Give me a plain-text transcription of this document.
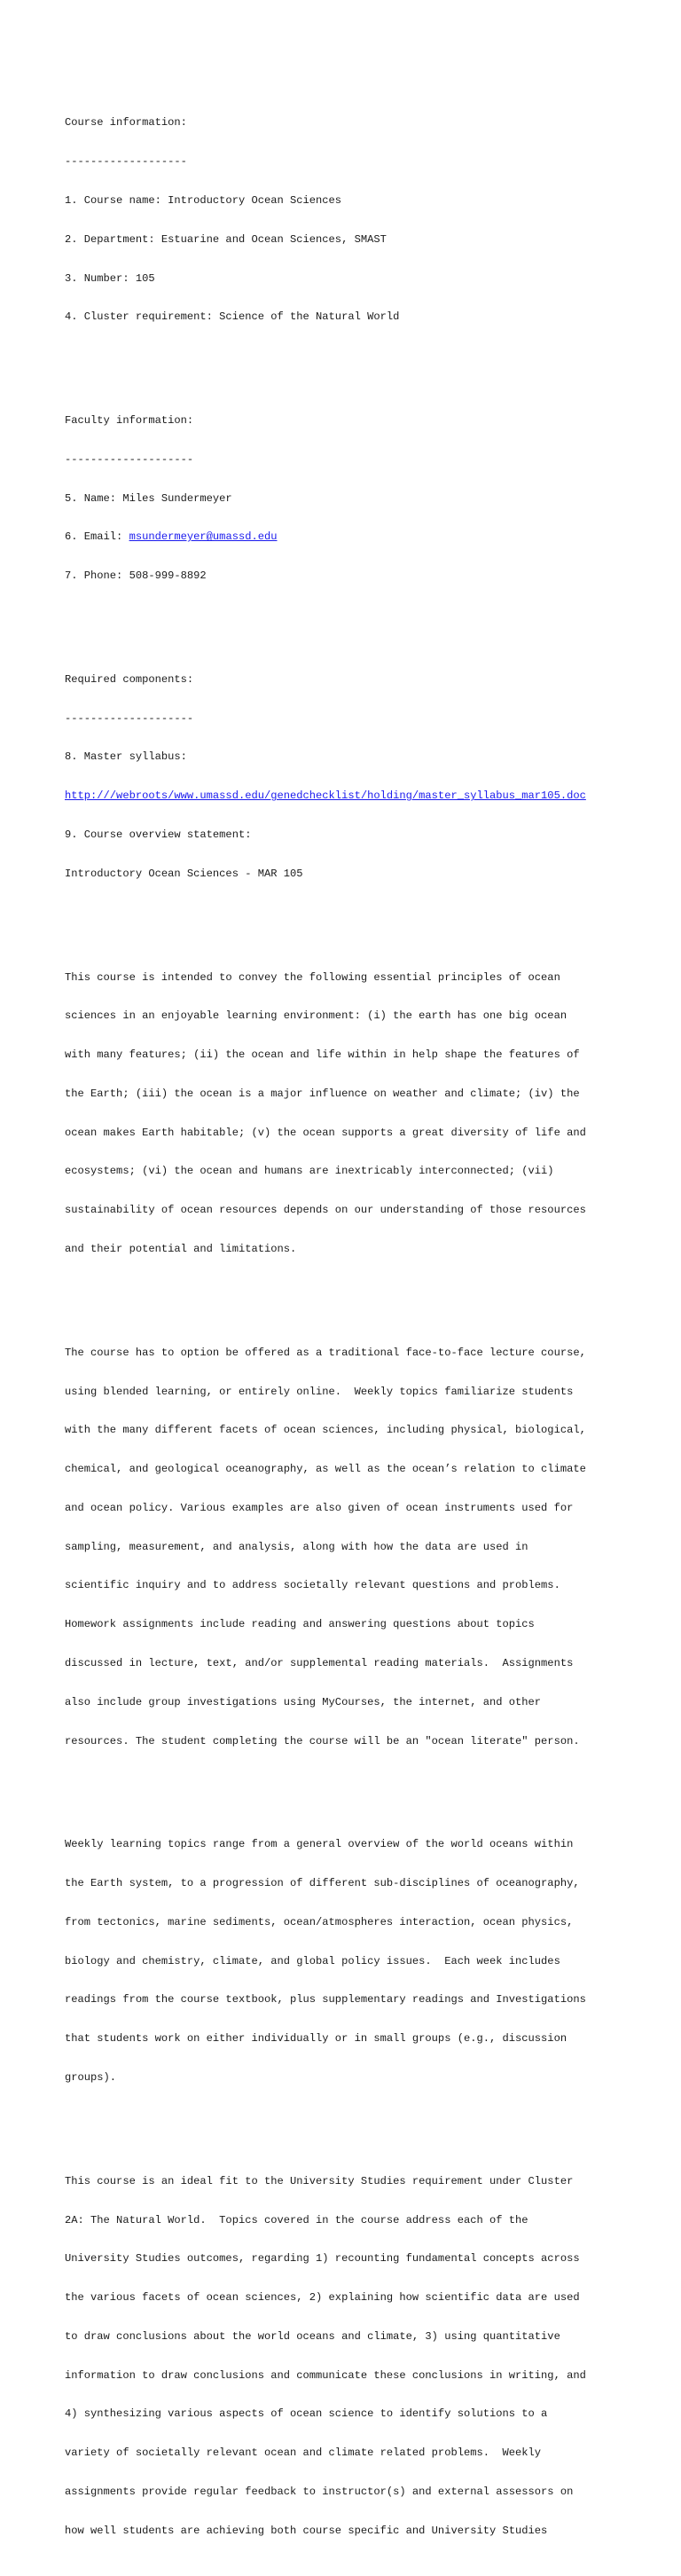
Course information:

-------------------

1. Course name: Introductory Ocean Sciences

2. Department: Estuarine and Ocean Sciences, SMAST

3. Number: 105

4. Cluster requirement: Science of the Natural World

Faculty information:

--------------------

5. Name: Miles Sundermeyer

6. Email: msundermeyer@umassd.edu

7. Phone: 508-999-8892

Required components:

--------------------

8. Master syllabus:

http:///webroots/www.umassd.edu/genedchecklist/holding/master_syllabus_mar105.doc

9. Course overview statement:

Introductory Ocean Sciences - MAR 105

This course is intended to convey the following essential principles of ocean

sciences in an enjoyable learning environment: (i) the earth has one big ocean

with many features; (ii) the ocean and life within in help shape the features of

the Earth; (iii) the ocean is a major influence on weather and climate; (iv) the

ocean makes Earth habitable; (v) the ocean supports a great diversity of life and

ecosystems; (vi) the ocean and humans are inextricably interconnected; (vii)

sustainability of ocean resources depends on our understanding of those resources

and their potential and limitations.

The course has to option be offered as a traditional face-to-face lecture course,

using blended learning, or entirely online.  Weekly topics familiarize students

with the many different facets of ocean sciences, including physical, biological,

chemical, and geological oceanography, as well as the ocean’s relation to climate

and ocean policy. Various examples are also given of ocean instruments used for

sampling, measurement, and analysis, along with how the data are used in

scientific inquiry and to address societally relevant questions and problems.

Homework assignments include reading and answering questions about topics

discussed in lecture, text, and/or supplemental reading materials.  Assignments

also include group investigations using MyCourses, the internet, and other

resources. The student completing the course will be an "ocean literate" person.

Weekly learning topics range from a general overview of the world oceans within

the Earth system, to a progression of different sub-disciplines of oceanography,

from tectonics, marine sediments, ocean/atmospheres interaction, ocean physics,

biology and chemistry, climate, and global policy issues.  Each week includes

readings from the course textbook, plus supplementary readings and Investigations

that students work on either individually or in small groups (e.g., discussion

groups).

This course is an ideal fit to the University Studies requirement under Cluster

2A: The Natural World.  Topics covered in the course address each of the

University Studies outcomes, regarding 1) recounting fundamental concepts across

the various facets of ocean sciences, 2) explaining how scientific data are used

to draw conclusions about the world oceans and climate, 3) using quantitative

information to draw conclusions and communicate these conclusions in writing, and

4) synthesizing various aspects of ocean science to identify solutions to a

variety of societally relevant ocean and climate related problems.  Weekly

assignments provide regular feedback to instructor(s) and external assessors on

how well students are achieving both course specific and University Studies
